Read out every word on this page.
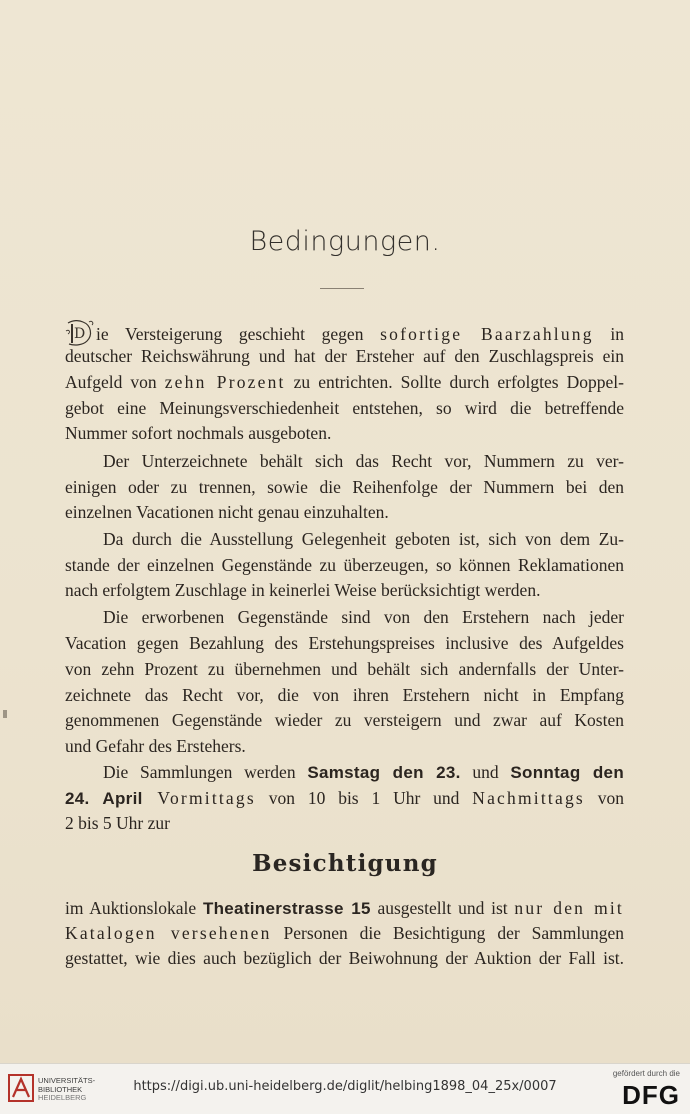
Bedingungen.
D ie Versteigerung geschieht gegen sofortige Baarzahlung in
deutscher Reichswährung und hat der Ersteher auf den Zuschlagspreis ein
Aufgeld von zehn Prozent zu entrichten. Sollte durch erfolgtes Doppel-
gebot eine Meinungsverschiedenheit entstehen, so wird die betreffende
Nummer sofort nochmals ausgeboten.
Der Unterzeichnete behält sich das Recht vor, Nummern zu ver-
einigen oder zu trennen, sowie die Reihenfolge der Nummern bei den
einzelnen Vacationen nicht genau einzuhalten.
Da durch die Ausstellung Gelegenheit geboten ist, sich von dem Zu-
stande der einzelnen Gegenstände zu überzeugen, so können Reklamationen
nach erfolgtem Zuschlage in keinerlei Weise berücksichtigt werden.
Die erworbenen Gegenstände sind von den Erstehern nach jeder
Vacation gegen Bezahlung des Erstehungspreises inclusive des Aufgeldes
von zehn Prozent zu übernehmen und behält sich andernfalls der Unter-
zeichnete das Recht vor, die von ihren Erstehern nicht in Empfang
genommenen Gegenstände wieder zu versteigern und zwar auf Kosten
und Gefahr des Erstehers.
Die Sammlungen werden Samstag den 23. und Sonntag den
24. April Vormittags von 10 bis 1 Uhr und Nachmittags von
2 bis 5 Uhr zur
Besichtigung
im Auktionslokale Theatinerstrasse 15 ausgestellt und ist nur den mit
Katalogen versehenen Personen die Besichtigung der Sammlungen
gestattet, wie dies auch bezüglich der Beiwohnung der Auktion der Fall ist.
UNIVERSITÄTS-
BIBLIOTHEK
HEIDELBERG
https://digi.ub.uni-heidelberg.de/diglit/helbing1898_04_25x/0007
gefördert durch die
DFG
